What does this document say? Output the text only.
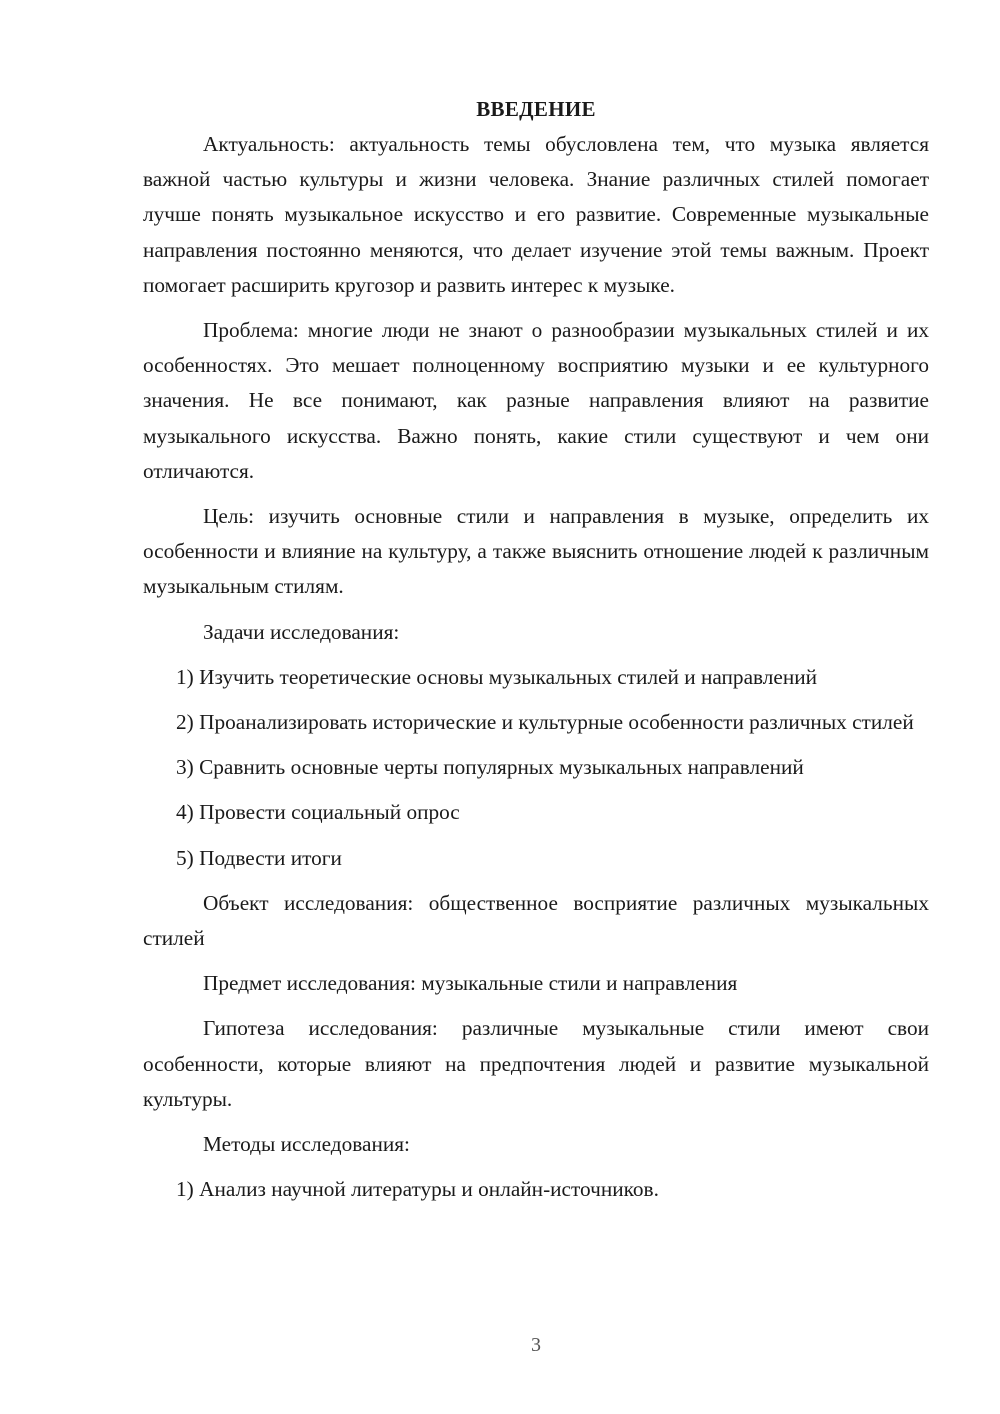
ВВЕДЕНИЕ

Актуальность: актуальность темы обусловлена тем, что музыка является важной частью культуры и жизни человека. Знание различных стилей помогает лучше понять музыкальное искусство и его развитие. Современные музыкальные направления постоянно меняются, что делает изучение этой темы важным. Проект помогает расширить кругозор и развить интерес к музыке.

Проблема: многие люди не знают о разнообразии музыкальных стилей и их особенностях. Это мешает полноценному восприятию музыки и ее культурного значения. Не все понимают, как разные направления влияют на развитие музыкального искусства. Важно понять, какие стили существуют и чем они отличаются.

Цель: изучить основные стили и направления в музыке, определить их особенности и влияние на культуру, а также выяснить отношение людей к различным музыкальным стилям.

Задачи исследования:

1) Изучить теоретические основы музыкальных стилей и направлений

2) Проанализировать исторические и культурные особенности различных стилей

3) Сравнить основные черты популярных музыкальных направлений

4) Провести социальный опрос

5) Подвести итоги

Объект исследования: общественное восприятие различных музыкальных стилей

Предмет исследования: музыкальные стили и направления

Гипотеза исследования: различные музыкальные стили имеют свои особенности, которые влияют на предпочтения людей и развитие музыкальной культуры.

Методы исследования:

1) Анализ научной литературы и онлайн-источников.

3
